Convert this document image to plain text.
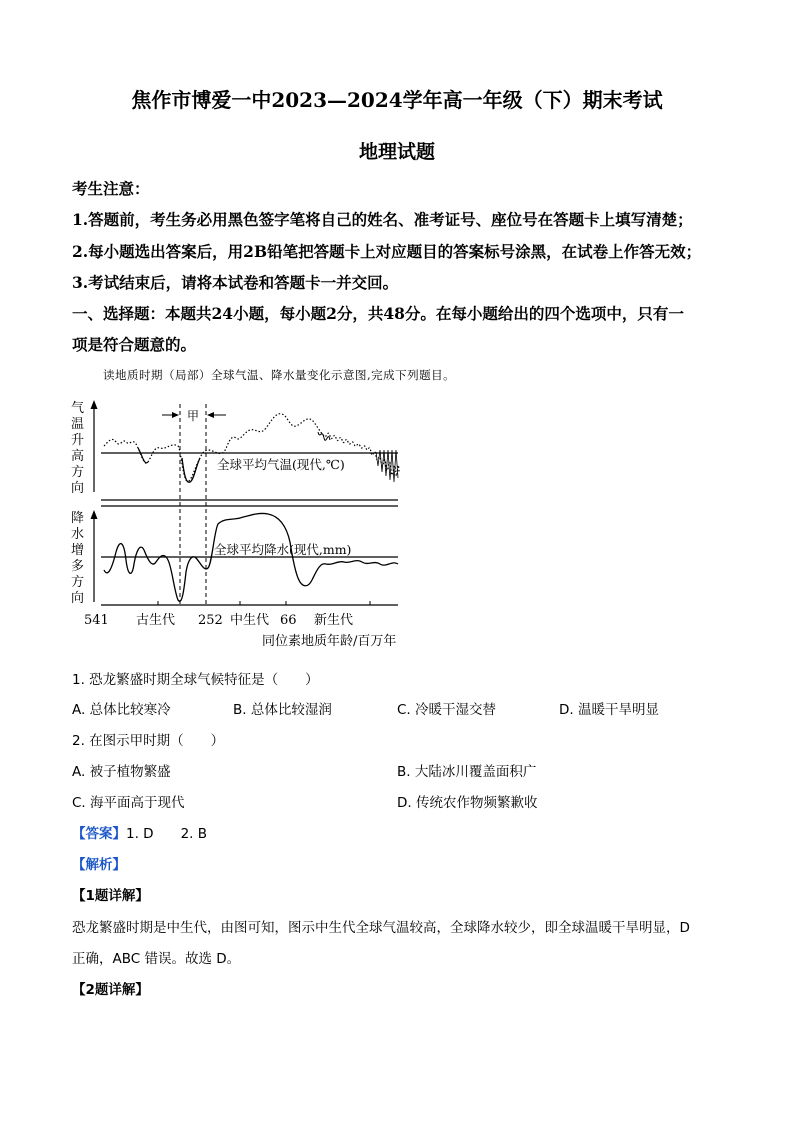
焦作市博爱一中2023—2024学年高一年级（下）期末考试
地理试题
考生注意：
1.答题前，考生务必用黑色签字笔将自己的姓名、准考证号、座位号在答题卡上填写清楚；
2.每小题选出答案后，用2B铅笔把答题卡上对应题目的答案标号涂黑，在试卷上作答无效；
3.考试结束后，请将本试卷和答题卡一并交回。
一、选择题：本题共24小题，每小题2分，共48分。在每小题给出的四个选项中，只有一
项是符合题意的。
读地质时期（局部）全球气温、降水量变化示意图,完成下列题目。
气 温 升 高 方 向
降 水 增 多 方 向
甲
全球平均气温(现代,℃)
全球平均降水(现代,mm)
541 古生代 252 中生代 66 新生代
同位素地质年龄/百万年
1. 恐龙繁盛时期全球气候特征是（　　）
A. 总体比较寒冷	B. 总体比较湿润	C. 冷暖干湿交替	D. 温暖干旱明显
2. 在图示甲时期（　　）
A. 被子植物繁盛	B. 大陆冰川覆盖面积广
C. 海平面高于现代	D. 传统农作物频繁歉收
【答案】1. D　　2. B
【解析】
【1题详解】
恐龙繁盛时期是中生代，由图可知，图示中生代全球气温较高，全球降水较少，即全球温暖干旱明显，D
正确，ABC 错误。故选 D。
【2题详解】
